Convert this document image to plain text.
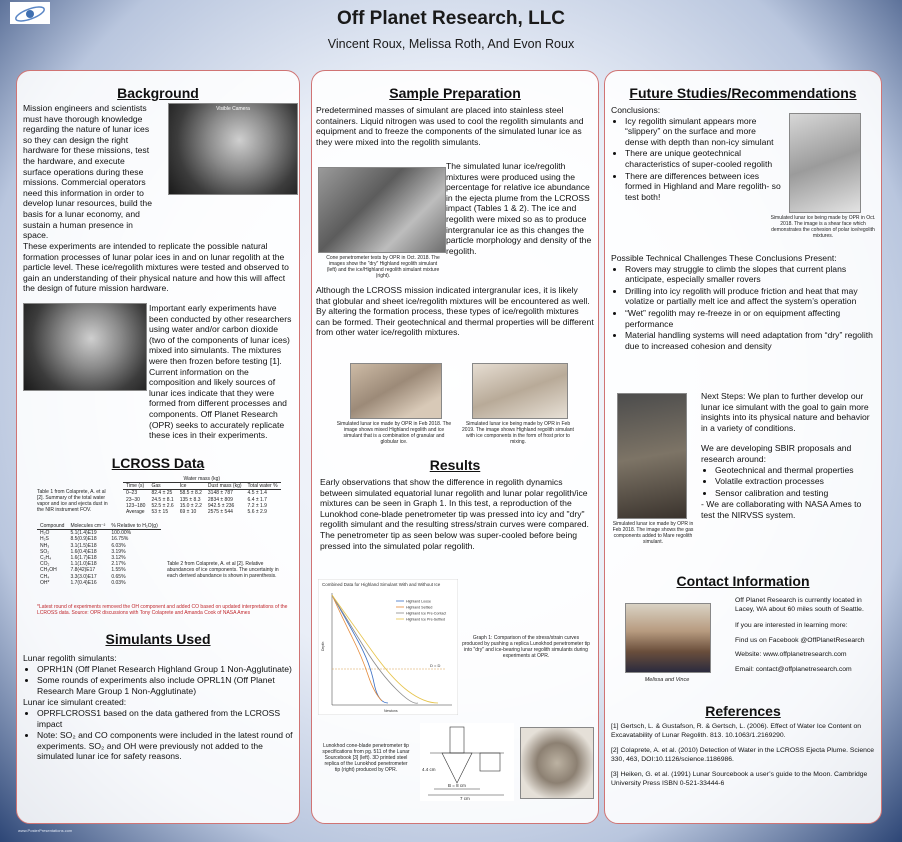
Off Planet Research, LLC
Vincent Roux, Melissa Roth, And Evon Roux
Background
Mission engineers and scientists must have thorough knowledge regarding the nature of lunar ices so they can design the right hardware for these missions, test the hardware, and execute surface operations during these missions. Commercial operators need this information in order to develop lunar resources, build the basis for a lunar economy, and sustain a human presence in space.
Visible Camera
These experiments are intended to replicate the possible natural formation processes of lunar polar ices in and on lunar regolith at the particle level. These ice/regolith mixtures were tested and observed to gain an understanding of their physical nature and how this will affect the design of future mission hardware.
Important early experiments have been conducted by other researchers using water and/or carbon dioxide (two of the components of lunar ices) mixed into simulants. The mixtures were then frozen before testing [1]. Current information on the composition and likely sources of lunar ices indicate that they were formed from different processes and components. Off Planet Research (OPR) seeks to accurately replicate these ices in their experiments.
LCROSS Data
Table 1 from Colaprete, A. et al [2]. Summary of the total water vapor and ice and ejecta dust in the NIR instrument FOV.
Water mass (kg)
Time (s)	Gas	Ice	Dust mass (kg)	Total water %
0–23	82.4 ± 25	58.5 ± 8.2	3148 ± 787	4.5 ± 1.4
23–30	24.5 ± 8.1	135 ± 8.3	2834 ± 809	6.4 ± 1.7
123–180	52.5 ± 2.6	15.0 ± 2.2	942.5 ± 236	7.2 ± 1.9
Average	53 ± 15	69 ± 10	2575 ± 544	5.6 ± 2.9
Compound	Molecules cm⁻²	% Relative to H₂O(g)
H₂O	5.1(1.4)E19	100.00%
H₂S	8.5(0.9)E18	16.75%
NH₃	3.1(1.5)E18	6.03%
SO₂	1.6(0.4)E18	3.19%
C₂H₄	1.6(1.7)E18	3.12%
CO₂	1.1(1.0)E18	2.17%
CH₃OH	7.8(42)E17	1.55%
CH₄	3.3(3.0)E17	0.65%
OH*	1.7(0.4)E16	0.03%
Table 2 from Colaprete, A. et al [2]. Relative abundances of ice components. The uncertainty in each derived abundance is shown in parenthesis.
*Latest round of experiments removed the OH component and added CO based on updated interpretations of the LCROSS data. Source: OPR discussions with Tony Colaprete and Amanda Cook of NASA Ames
Simulants Used
Lunar regolith simulants:
• OPRH1N (Off Planet Research Highland Group 1 Non-Agglutinate)
• Some rounds of experiments also include OPRL1N (Off Planet Research Mare Group 1 Non-Agglutinate)
Lunar ice simulant created:
• OPRFLCROSS1 based on the data gathered from the LCROSS impact
• Note: SO₂ and CO components were included in the latest round of experiments. SO₂ and OH were previously not added to the simulated lunar ice for safety reasons.
Sample Preparation
Predetermined masses of simulant are placed into stainless steel containers. Liquid nitrogen was used to cool the regolith simulants and equipment and to freeze the components of the simulated lunar ice as they were mixed into the regolith simulants.
Cone penetrometer tests by OPR in Oct. 2018. The images show the "dry" Highland regolith simulant (left) and the ice/Highland regolith simulant mixture (right).
The simulated lunar ice/regolith mixtures were produced using the percentage for relative ice abundance in the ejecta plume from the LCROSS impact (Tables 1 & 2). The ice and regolith were mixed so as to produce intergranular ice as this changes the particle morphology and density of the regolith.
Although the LCROSS mission indicated intergranular ices, it is likely that globular and sheet ice/regolith mixtures will be encountered as well. By altering the formation process, these types of ice/regolith mixtures can be formed. Their geotechnical and thermal properties will be different from other water ice/regolith mixtures.
Simulated lunar ice made by OPR in Feb 2018. The image shows mixed Highland regolith and ice simulant that is a combination of granular and globular ice.
Simulated lunar ice being made by OPR in Feb 2019. The image shows Highland regolith simulant with ice components in the form of frost prior to mixing.
Results
Early observations that show the difference in regolith dynamics between simulated equatorial lunar regolith and lunar polar regolith/ice mixtures can be seen in Graph 1. In this test, a reproduction of the Lunokhod cone-blade penetrometer tip was pressed into icy and "dry" regolith simulant and the resulting stress/strain curves were compared. The penetrometer tip as seen below was super-cooled before being pressed into the simulated polar regolith.
Combined Data for Highland Simulant With and Without Ice
Depth
Newtons
D = D
Highland Loose
Highland Settled
Highland Ice Pre-Contact
Highland Ice Pre-Settled
Graph 1: Comparison of the stress/strain curves produced by pushing a replica Lunokhod penetrometer tip into "dry" and ice-bearing lunar regolith simulants during experiments at OPR.
Lunokhod cone-blade penetrometer tip specifications from pg. 511 of the Lunar Sourcebook [3] (left). 3D printed steel replica of the Lunokhod penetrometer tip (right) produced by OPR.	4.4 cm
B = 8 cm
7 cm
Future Studies/Recommendations
Conclusions:
• Icy regolith simulant appears more “slippery” on the surface and more dense with depth than non-icy simulant
• There are unique geotechnical characteristics of super-cooled regolith
• There are differences between ices formed in Highland and Mare regolith- so test both!
Simulated lunar ice being made by OPR in Oct. 2018. The image is a shear face which demonstrates the cohesion of polar ice/regolith mixtures.
Possible Technical Challenges These Conclusions Present:
• Rovers may struggle to climb the slopes that current plans anticipate, especially smaller rovers
• Drilling into icy regolith will produce friction and heat that may volatize or partially melt ice and affect the system’s operation
• “Wet” regolith may re-freeze in or on equipment affecting performance
• Material handling systems will need adaptation from “dry” regolith due to increased cohesion and density
Simulated lunar ice made by OPR in Feb 2018. The image shows the gas components added to Mare regolith simulant.
Next Steps: We plan to further develop our lunar ice simulant with the goal to gain more insights into its physical nature and behavior in a variety of conditions.
We are developing SBIR proposals and research around:
• Geotechnical and thermal properties
• Volatile extraction processes
• Sensor calibration and testing
- We are collaborating with NASA Ames to test the NIRVSS system.
Contact Information
Melissa and Vince
Off Planet Research is currently located in Lacey, WA about 60 miles south of Seattle.
If you are interested in learning more:
Find us on Facebook @OffPlanetResearch
Website: www.offplanetresearch.com
Email: contact@offplanetresearch.com
References
[1] Gertsch, L. & Gustafson, R. & Gertsch, L. (2006). Effect of Water Ice Content on Excavatability of Lunar Regolith. 813. 10.1063/1.2169290.
[2] Colaprete, A. et al. (2010) Detection of Water in the LCROSS Ejecta Plume. Science 330, 463, DOI:10.1126/science.1186986.
[3] Heiken, G. et al. (1991) Lunar Sourcebook a user’s guide to the Moon. Cambridge University Press ISBN 0-521-33444-6
www.PosterPresentations.com
